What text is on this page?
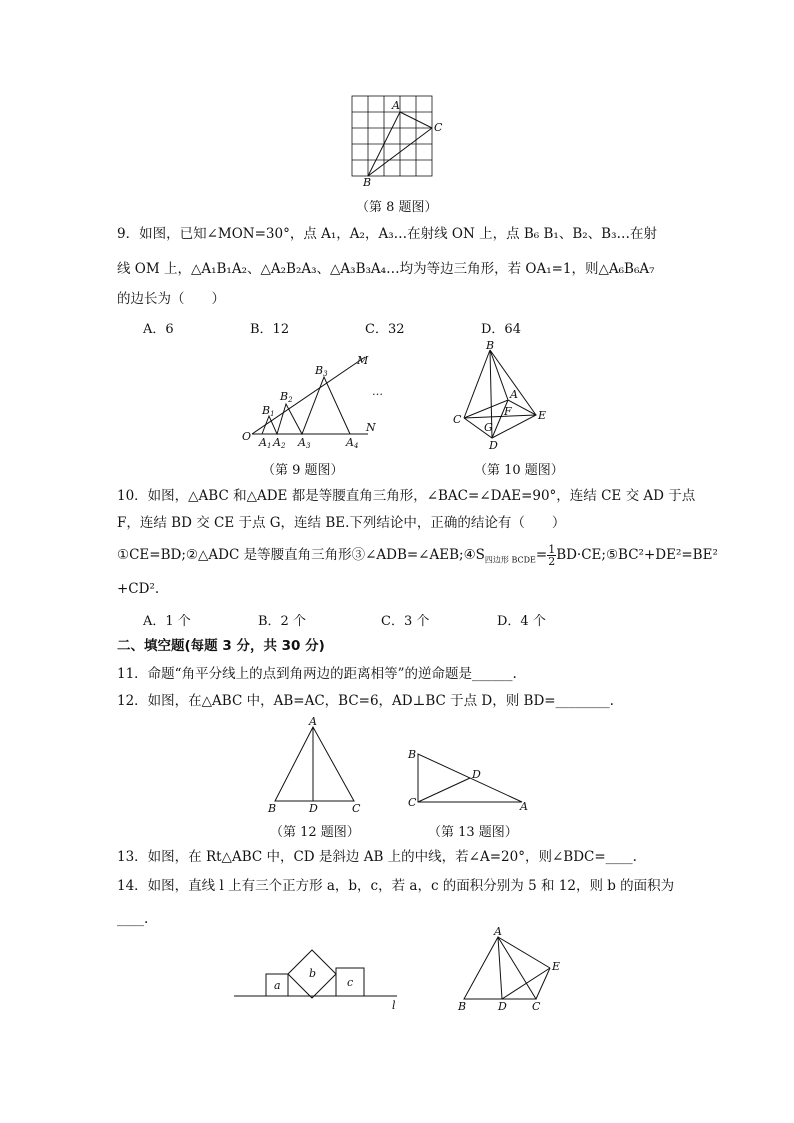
A
C
B
（第 8 题图）
9．如图，已知∠MON=30°，点 A₁，A₂，A₃…在射线 ON 上，点 B₆ B₁、B₂、B₃…在射
线 OM 上，△A₁B₁A₂、△A₂B₂A₃、△A₃B₃A₄…均为等边三角形，若 OA₁=1，则△A₆B₆A₇
的边长为（　　）
A．6	B．12	C．32	D．64
O A1 A2 A3	A4
B1
B2
B3
M
N
…
（第 9 题图）
B
A
F
C
G
E
D
（第 10 题图）
10．如图，△ABC 和△ADE 都是等腰直角三角形，∠BAC=∠DAE=90°，连结 CE 交 AD 于点
F，连结 BD 交 CE 于点 G，连结 BE.下列结论中，正确的结论有（　　）
①CE=BD;②△ADC 是等腰直角三角形$③\angle ADB=\angle AEB;④S_{四边形 BCDE}= \frac{1}{2}$ BD·CE;⑤BC²+DE²=BE²
+CD².
A．1 个	B．2 个	C．3 个	D．4 个
二、填空题(每题 3 分，共 30 分)
11．命题“角平分线上的点到角两边的距离相等”的逆命题是______.
12．如图，在△ABC 中，AB=AC，BC=6，AD⊥BC 于点 D，则 BD=________.
A
B	D	C
（第 12 题图）
B
D
C	A
（第 13 题图）
13．如图，在 Rt△ABC 中，CD 是斜边 AB 上的中线，若∠A=20°，则∠BDC=____.
14．如图，直线 l 上有三个正方形 a，b，c，若 a，c 的面积分别为 5 和 12，则 b 的面积为
____.
a
b
c
l
A
E
B	D C
